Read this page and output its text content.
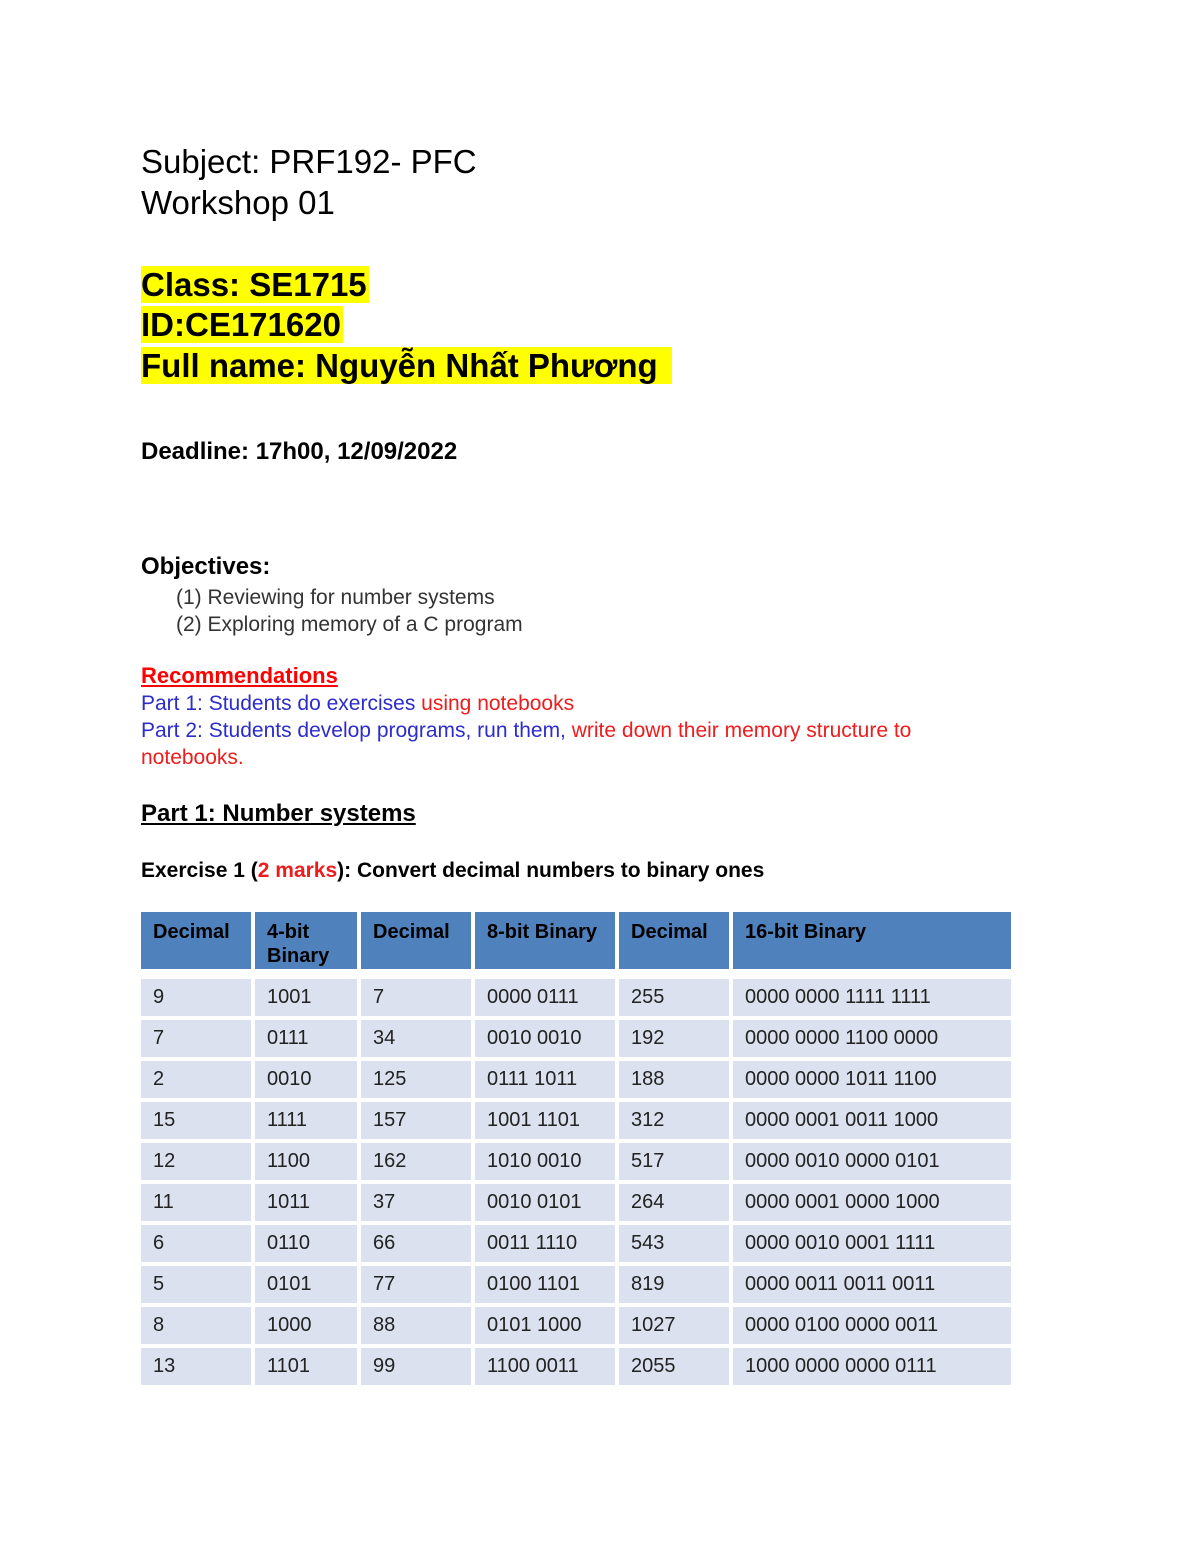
Subject: PRF192- PFC
Workshop 01
Class: SE1715
ID:CE171620
Full name: Nguyễn Nhất Phương
Deadline: 17h00, 12/09/2022
Objectives:
(1) Reviewing for number systems
(2) Exploring memory of a C program
Recommendations
Part 1: Students do exercises using notebooks
Part 2: Students develop programs, run them, write down their memory structure to
notebooks.
Part 1: Number systems
Exercise 1 (2 marks): Convert decimal numbers to binary ones
Decimal	4-bit Binary	Decimal	8-bit Binary	Decimal	16-bit Binary

9	1001	7	0000 0111	255	0000 0000 1111 1111
7	0111	34	0010 0010	192	0000 0000 1100 0000
2	0010	125	0111 1011	188	0000 0000 1011 1100
15	1111	157	1001 1101	312	0000 0001 0011 1000
12	1100	162	1010 0010	517	0000 0010 0000 0101
11	1011	37	0010 0101	264	0000 0001 0000 1000
6	0110	66	0011 1110	543	0000 0010 0001 1111
5	0101	77	0100 1101	819	0000 0011 0011 0011
8	1000	88	0101 1000	1027	0000 0100 0000 0011
13	1101	99	1100 0011	2055	1000 0000 0000 0111
